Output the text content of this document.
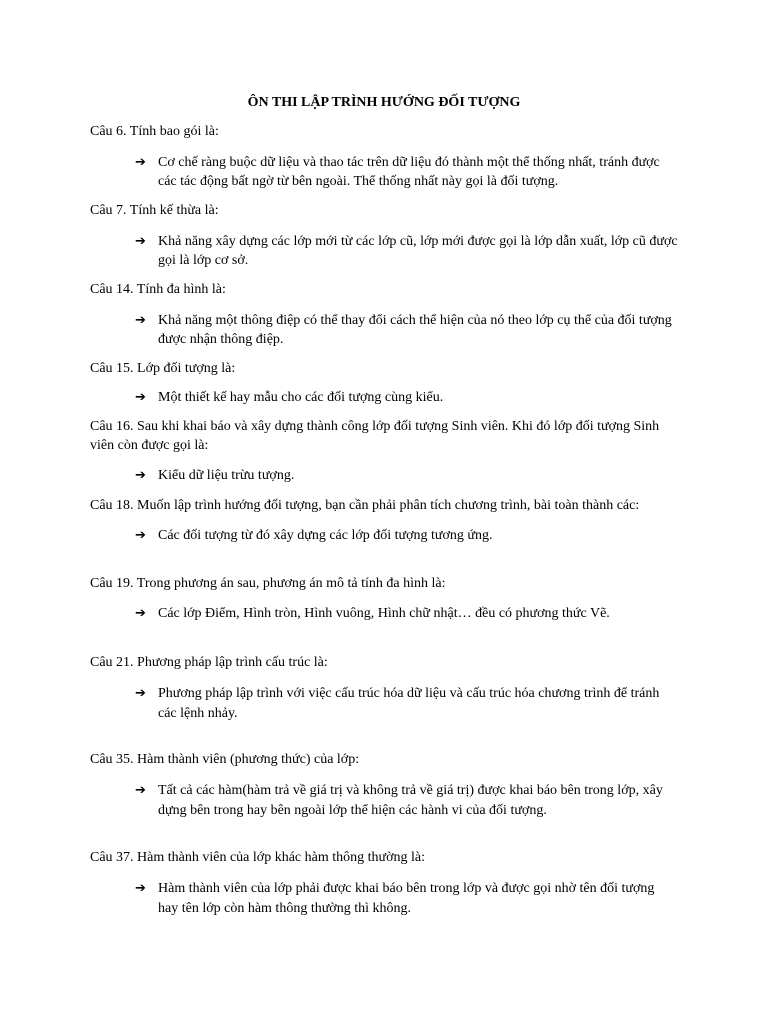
ÔN THI LẬP TRÌNH HƯỚNG ĐỐI TƯỢNG
Câu 6. Tính bao gói là:
➔ Cơ chế ràng buộc dữ liệu và thao tác trên dữ liệu đó thành một thể thống nhất, tránh được các tác động bất ngờ từ bên ngoài. Thể thống nhất này gọi là đối tượng.
Câu 7. Tính kế thừa là:
➔ Khả năng xây dựng các lớp mới từ các lớp cũ, lớp mới được gọi là lớp dẫn xuất, lớp cũ được gọi là lớp cơ sở.
Câu 14. Tính đa hình là:
➔ Khả năng một thông điệp có thể thay đổi cách thể hiện của nó theo lớp cụ thể của đối tượng được nhận thông điệp.
Câu 15. Lớp đối tượng là:
➔ Một thiết kế hay mẫu cho các đối tượng cùng kiểu.
Câu 16. Sau khi khai báo và xây dựng thành công lớp đối tượng Sinh viên. Khi đó lớp đối tượng Sinh viên còn được gọi là:
➔ Kiểu dữ liệu trừu tượng.
Câu 18. Muốn lập trình hướng đối tượng, bạn cần phải phân tích chương trình, bài toàn thành các:
➔ Các đối tượng từ đó xây dựng các lớp đối tượng tương ứng.
Câu 19. Trong phương án sau, phương án mô tả tính đa hình là:
➔ Các lớp Điểm, Hình tròn, Hình vuông, Hình chữ nhật… đều có phương thức Vẽ.
Câu 21. Phương pháp lập trình cấu trúc là:
➔ Phương pháp lập trình với việc cấu trúc hóa dữ liệu và cấu trúc hóa chương trình để tránh các lệnh nhảy.
Câu 35. Hàm thành viên (phương thức) của lớp:
➔ Tất cả các hàm(hàm trả về giá trị và không trả về giá trị) được khai báo bên trong lớp, xây dựng bên trong hay bên ngoài lớp thể hiện các hành vi của đối tượng.
Câu 37. Hàm thành viên của lớp khác hàm thông thường là:
➔ Hàm thành viên của lớp phải được khai báo bên trong lớp và được gọi nhờ tên đối tượng hay tên lớp còn hàm thông thường thì không.
